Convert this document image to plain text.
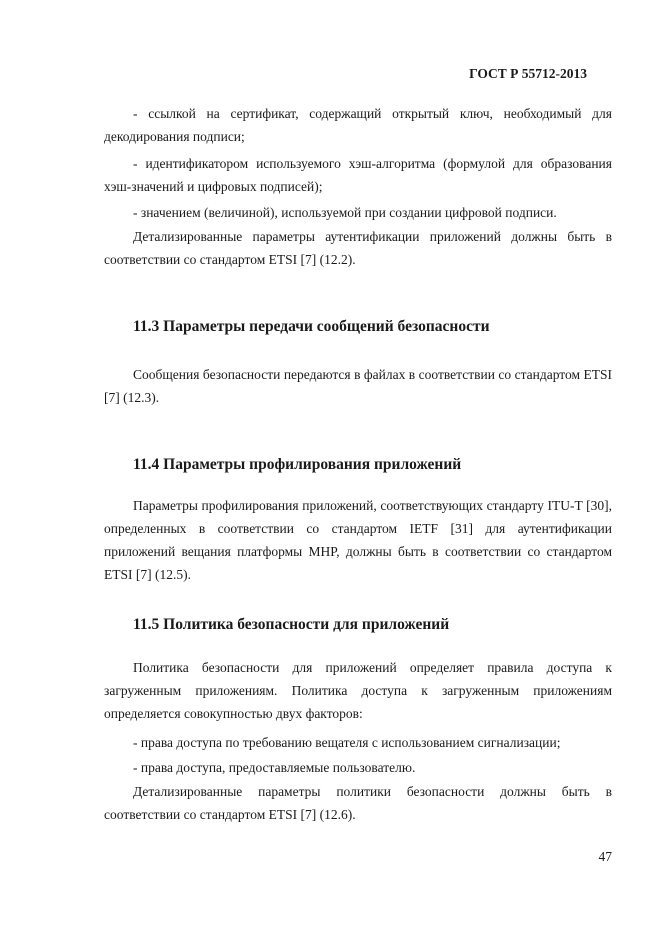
ГОСТ Р 55712-2013
- ссылкой на сертификат, содержащий открытый ключ, необходимый для декодирования подписи;
- идентификатором используемого хэш-алгоритма (формулой для образования хэш-значений и цифровых подписей);
- значением (величиной), используемой при создании цифровой подписи.
Детализированные параметры аутентификации приложений должны быть в соответствии со стандартом ETSI [7] (12.2).
11.3 Параметры передачи сообщений безопасности
Сообщения безопасности передаются в файлах в соответствии со стандартом ETSI [7] (12.3).
11.4 Параметры профилирования приложений
Параметры профилирования приложений, соответствующих стандарту ITU-T [30], определенных в соответствии со стандартом IETF [31] для аутентификации приложений вещания платформы MHP, должны быть в соответствии со стандартом ETSI [7] (12.5).
11.5 Политика безопасности для приложений
Политика безопасности для приложений определяет правила доступа к загруженным приложениям. Политика доступа к загруженным приложениям определяется совокупностью двух факторов:
- права доступа по требованию вещателя с использованием сигнализации;
- права доступа, предоставляемые пользователю.
Детализированные параметры политики безопасности должны быть в соответствии со стандартом ETSI [7] (12.6).
47
